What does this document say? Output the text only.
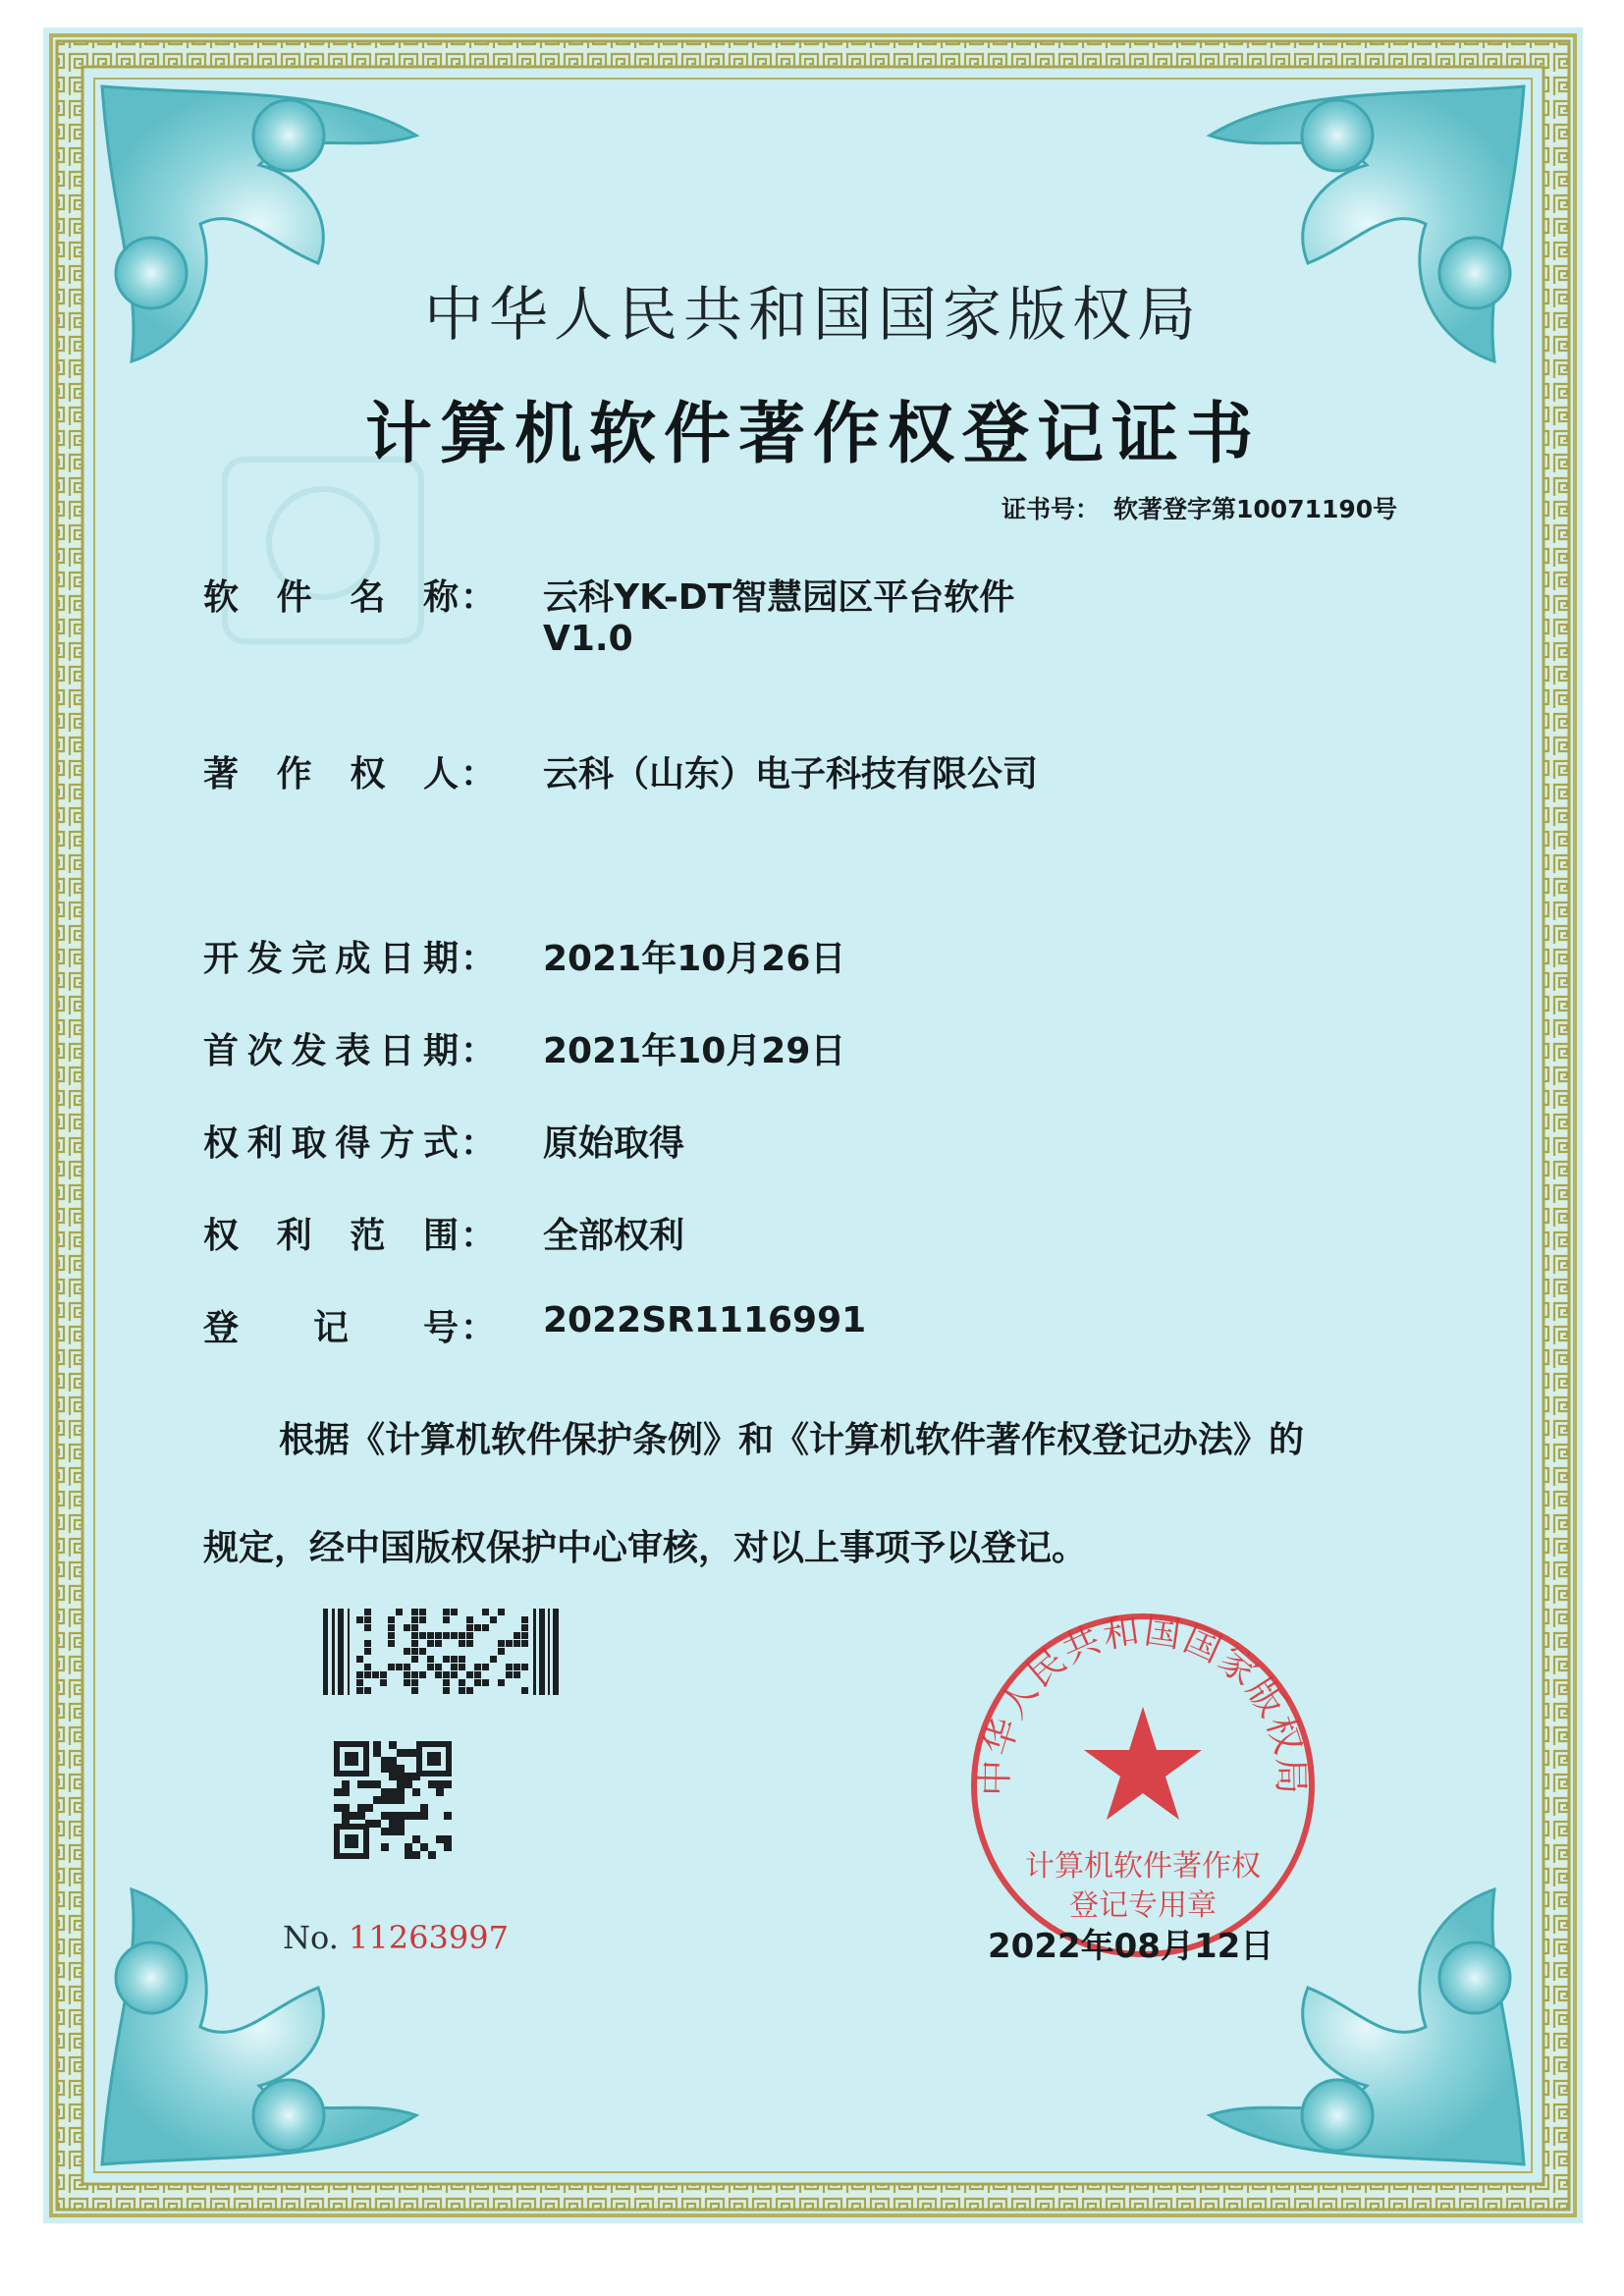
中华人民共和国国家版权局
计算机软件著作权登记证书
证书号： 软著登字第10071190号
软件名称 ： 云科YK-DT智慧园区平台软件
V1.0
著作权人 ： 云科（山东）电子科技有限公司
开发完成日期 ： 2021年10月26日
首次发表日期 ： 2021年10月29日
权利取得方式 ： 原始取得
权利范围 ： 全部权利
登记号 ： 2022SR1116991
根据《计算机软件保护条例》和《计算机软件著作权登记办法》的
规定，经中国版权保护中心审核，对以上事项予以登记。
No. 11263997
中华人民共和国国家版权局
计算机软件著作权
登记专用章
2022年08月12日
